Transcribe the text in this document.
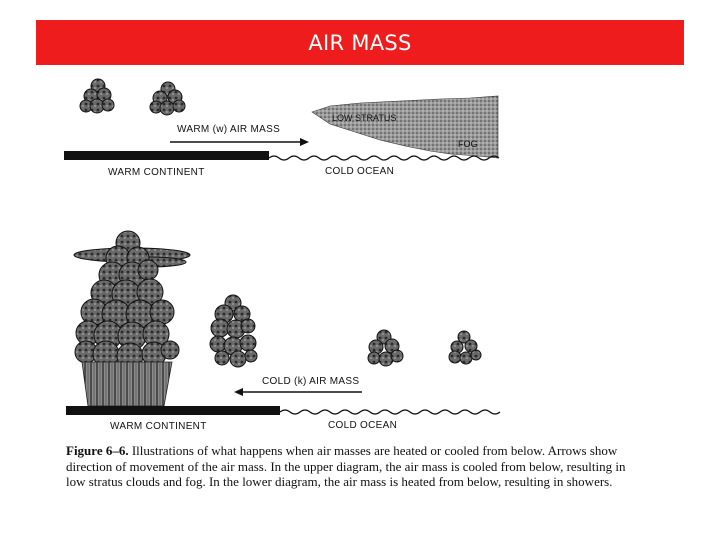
AIR MASS
LOW STRATUS
FOG
WARM (w) AIR MASS
WARM CONTINENT	COLD OCEAN
COLD (k) AIR MASS
WARM CONTINENT	COLD OCEAN
Figure 6–6. Illustrations of what happens when air masses are heated or cooled from below. Arrows show direction of movement of the air mass. In the upper diagram, the air mass is cooled from below, resulting in low stratus clouds and fog. In the lower diagram, the air mass is heated from below, resulting in showers.
